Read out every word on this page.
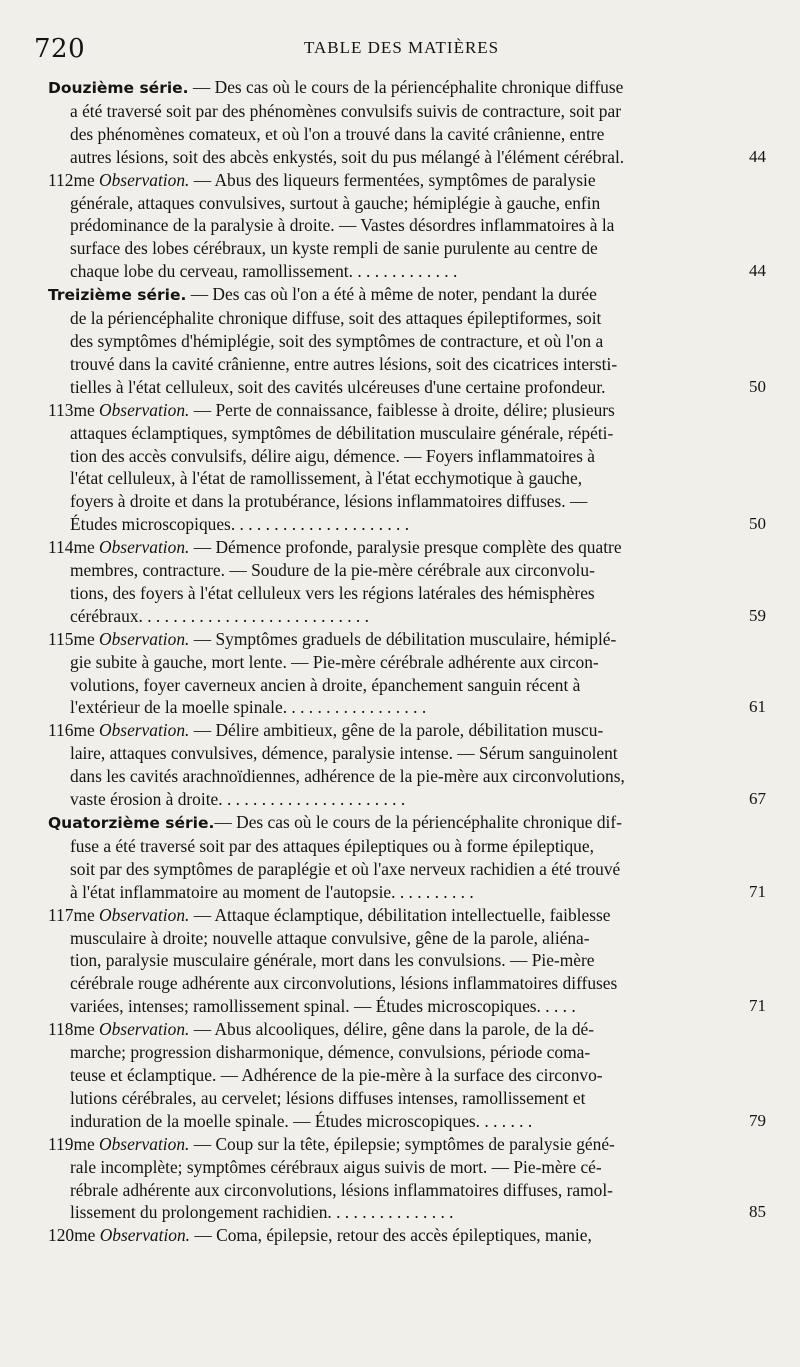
720	TABLE DES MATIÈRES
Douzième série. — Des cas où le cours de la périencéphalite chronique diffuse
a été traversé soit par des phénomènes convulsifs suivis de contracture, soit par
des phénomènes comateux, et où l'on a trouvé dans la cavité crânienne, entre
autres lésions, soit des abcès enkystés, soit du pus mélangé à l'élément cérébral.	44
112me Observation. — Abus des liqueurs fermentées, symptômes de paralysie
générale, attaques convulsives, surtout à gauche; hémiplégie à gauche, enfin
prédominance de la paralysie à droite. — Vastes désordres inflammatoires à la
surface des lobes cérébraux, un kyste rempli de sanie purulente au centre de
chaque lobe du cerveau, ramollissement. . . . . . . . . . . . .	44
Treizième série. — Des cas où l'on a été à même de noter, pendant la durée
de la périencéphalite chronique diffuse, soit des attaques épileptiformes, soit
des symptômes d'hémiplégie, soit des symptômes de contracture, et où l'on a
trouvé dans la cavité crânienne, entre autres lésions, soit des cicatrices intersti-
tielles à l'état celluleux, soit des cavités ulcéreuses d'une certaine profondeur.	50
113me Observation. — Perte de connaissance, faiblesse à droite, délire; plusieurs
attaques éclamptiques, symptômes de débilitation musculaire générale, répéti-
tion des accès convulsifs, délire aigu, démence. — Foyers inflammatoires à
l'état celluleux, à l'état de ramollissement, à l'état ecchymotique à gauche,
foyers à droite et dans la protubérance, lésions inflammatoires diffuses. —
Études microscopiques. . . . . . . . . . . . . . . . . . . . .	50
114me Observation. — Démence profonde, paralysie presque complète des quatre
membres, contracture. — Soudure de la pie-mère cérébrale aux circonvolu-
tions, des foyers à l'état celluleux vers les régions latérales des hémisphères
cérébraux. . . . . . . . . . . . . . . . . . . . . . . . . . .	59
115me Observation. — Symptômes graduels de débilitation musculaire, hémiplé-
gie subite à gauche, mort lente. — Pie-mère cérébrale adhérente aux circon-
volutions, foyer caverneux ancien à droite, épanchement sanguin récent à
l'extérieur de la moelle spinale. . . . . . . . . . . . . . . . .	61
116me Observation. — Délire ambitieux, gêne de la parole, débilitation muscu-
laire, attaques convulsives, démence, paralysie intense. — Sérum sanguinolent
dans les cavités arachnoïdiennes, adhérence de la pie-mère aux circonvolutions,
vaste érosion à droite. . . . . . . . . . . . . . . . . . . . . .	67
Quatorzième série.— Des cas où le cours de la périencéphalite chronique dif-
fuse a été traversé soit par des attaques épileptiques ou à forme épileptique,
soit par des symptômes de paraplégie et où l'axe nerveux rachidien a été trouvé
à l'état inflammatoire au moment de l'autopsie. . . . . . . . . .	71
117me Observation. — Attaque éclamptique, débilitation intellectuelle, faiblesse
musculaire à droite; nouvelle attaque convulsive, gêne de la parole, aliéna-
tion, paralysie musculaire générale, mort dans les convulsions. — Pie-mère
cérébrale rouge adhérente aux circonvolutions, lésions inflammatoires diffuses
variées, intenses; ramollissement spinal. — Études microscopiques. . . . .	71
118me Observation. — Abus alcooliques, délire, gêne dans la parole, de la dé-
marche; progression disharmonique, démence, convulsions, période coma-
teuse et éclamptique. — Adhérence de la pie-mère à la surface des circonvo-
lutions cérébrales, au cervelet; lésions diffuses intenses, ramollissement et
induration de la moelle spinale. — Études microscopiques. . . . . . .	79
119me Observation. — Coup sur la tête, épilepsie; symptômes de paralysie géné-
rale incomplète; symptômes cérébraux aigus suivis de mort. — Pie-mère cé-
rébrale adhérente aux circonvolutions, lésions inflammatoires diffuses, ramol-
lissement du prolongement rachidien. . . . . . . . . . . . . . .	85
120me Observation. — Coma, épilepsie, retour des accès épileptiques, manie,
